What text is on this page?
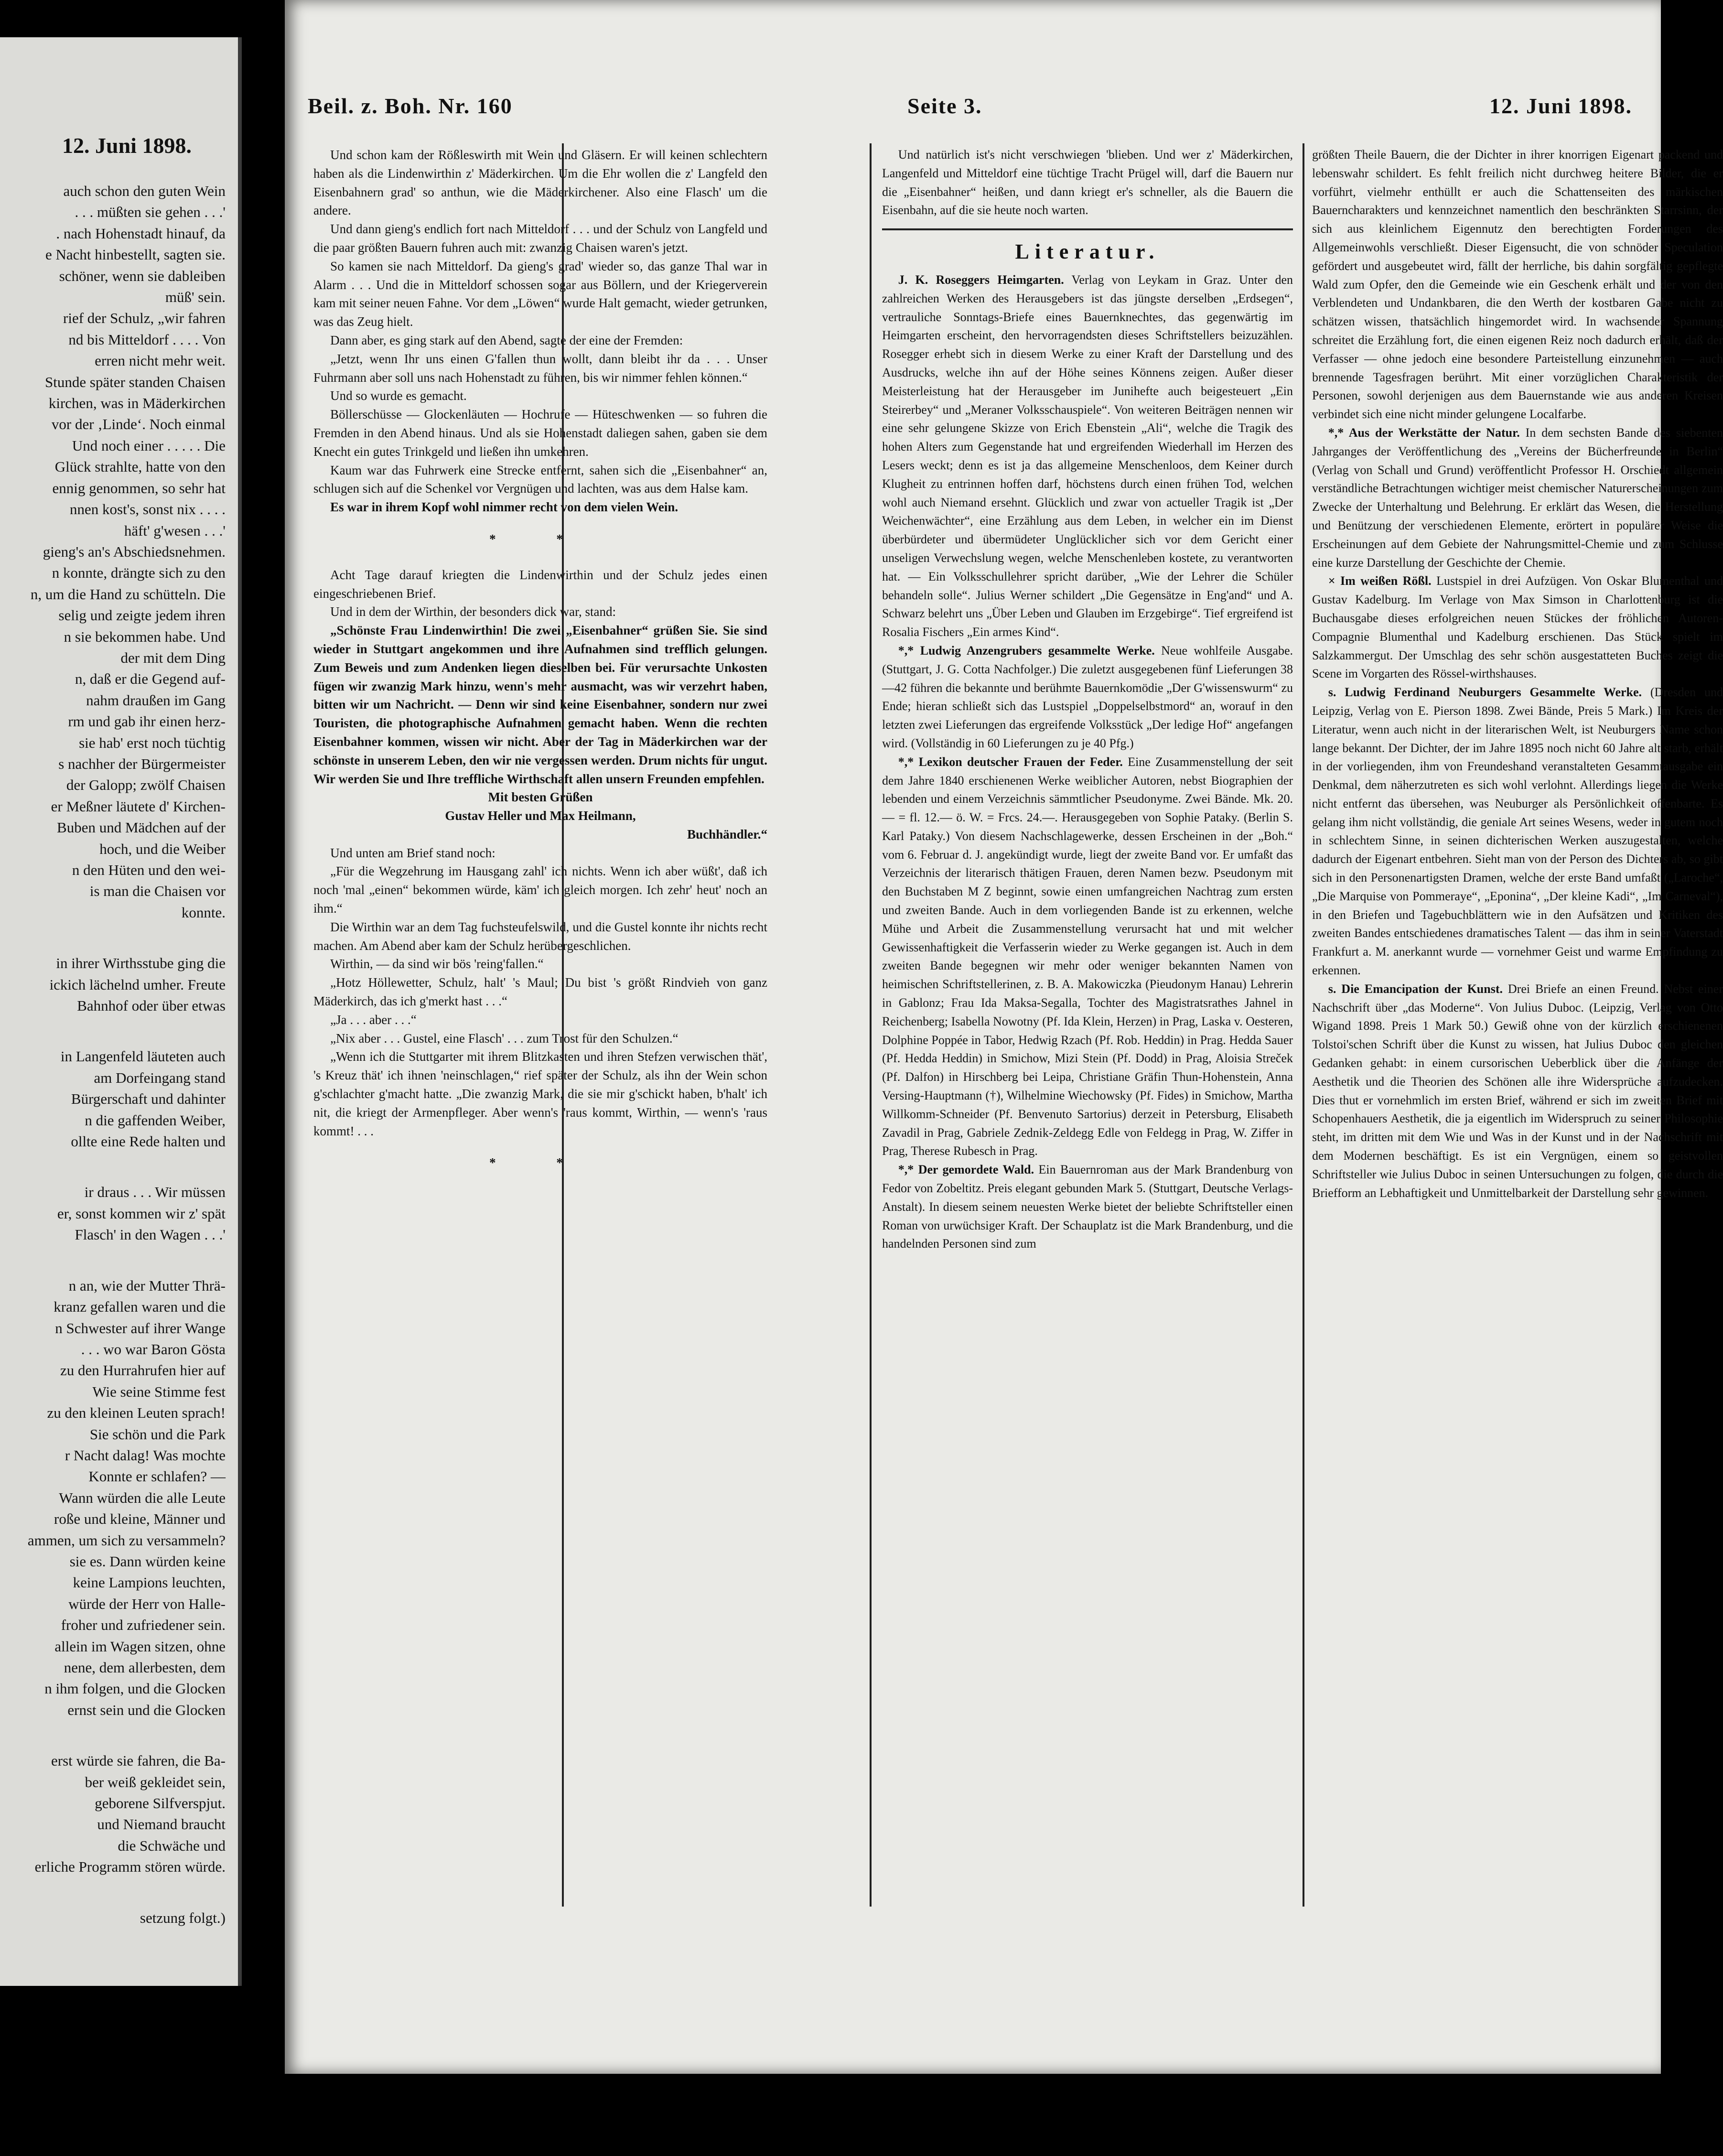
12. Juni 1898.
auch schon den guten Wein
. . . müßten sie gehen . . .'
. nach Hohenstadt hinauf, da
e Nacht hinbestellt, sagten sie.
schöner, wenn sie dableiben
müß' sein.
rief der Schulz, „wir fahren
nd bis Mitteldorf . . . . Von
erren nicht mehr weit.
Stunde später standen Chaisen
kirchen, was in Mäderkirchen
vor der ‚Linde‘. Noch einmal
Und noch einer . . . . . Die
Glück strahlte, hatte von den
ennig genommen, so sehr hat
nnen kost's, sonst nix . . . .
häft' g'wesen . . .'
gieng's an's Abschiedsnehmen.
n konnte, drängte sich zu den
n, um die Hand zu schütteln. Die
selig und zeigte jedem ihren
n sie bekommen habe. Und
der mit dem Ding
n, daß er die Gegend auf-
nahm draußen im Gang
rm und gab ihr einen herz-
sie hab' erst noch tüchtig
s nachher der Bürgermeister
der Galopp; zwölf Chaisen
er Meßner läutete d' Kirchen-
Buben und Mädchen auf der
hoch, und die Weiber
n den Hüten und den wei-
is man die Chaisen vor
konnte.
in ihrer Wirthsstube ging die
ickich lächelnd umher. Freute
Bahnhof oder über etwas
in Langenfeld läuteten auch
am Dorfeingang stand
Bürgerschaft und dahinter
n die gaffenden Weiber,
ollte eine Rede halten und
ir draus . . . Wir müssen
er, sonst kommen wir z' spät
Flasch' in den Wagen . . .'
n an, wie der Mutter Thrä-
kranz gefallen waren und die
n Schwester auf ihrer Wange
. . . wo war Baron Gösta
zu den Hurrahrufen hier auf
Wie seine Stimme fest
zu den kleinen Leuten sprach!
Sie schön und die Park
r Nacht dalag! Was mochte
Konnte er schlafen? —
Wann würden die alle Leute
roße und kleine, Männer und
ammen, um sich zu versammeln?
sie es. Dann würden keine
keine Lampions leuchten,
würde der Herr von Halle-
froher und zufriedener sein.
allein im Wagen sitzen, ohne
nene, dem allerbesten, dem
n ihm folgen, und die Glocken
ernst sein und die Glocken
erst würde sie fahren, die Ba-
ber weiß gekleidet sein,
geborene Silfverspjut.
und Niemand braucht
die Schwäche und
erliche Programm stören würde.
setzung folgt.)
Beil. z. Boh. Nr. 160	Seite 3.	12. Juni 1898.

Und schon kam der Rößleswirth mit Wein und Gläsern. Er will keinen schlechtern haben als die Lindenwirthin z' Mäderkirchen. Um die Ehr wollen die z' Langfeld den Eisenbahnern grad' so anthun, wie die Mäderkirchener. Also eine Flasch' um die andere.

Und dann gieng's endlich fort nach Mitteldorf . . . und der Schulz von Langfeld und die paar größten Bauern fuhren auch mit: zwanzig Chaisen waren's jetzt.

So kamen sie nach Mitteldorf. Da gieng's grad' wieder so, das ganze Thal war in Alarm . . . Und die in Mitteldorf schossen sogar aus Böllern, und der Kriegerverein kam mit seiner neuen Fahne. Vor dem „Löwen“ wurde Halt gemacht, wieder getrunken, was das Zeug hielt.

Dann aber, es ging stark auf den Abend, sagte der eine der Fremden:

„Jetzt, wenn Ihr uns einen G'fallen thun wollt, dann bleibt ihr da . . . Unser Fuhrmann aber soll uns nach Hohenstadt zu führen, bis wir nimmer fehlen können.“

Und so wurde es gemacht.

Böllerschüsse — Glockenläuten — Hochrufe — Hüteschwenken — so fuhren die Fremden in den Abend hinaus. Und als sie Hohenstadt daliegen sahen, gaben sie dem Knecht ein gutes Trinkgeld und ließen ihn umkehren.

Kaum war das Fuhrwerk eine Strecke entfernt, sahen sich die „Eisenbahner“ an, schlugen sich auf die Schenkel vor Vergnügen und lachten, was aus dem Halse kam.

Es war in ihrem Kopf wohl nimmer recht von dem vielen Wein.

* *

Acht Tage darauf kriegten die Lindenwirthin und der Schulz jedes einen eingeschriebenen Brief.

Und in dem der Wirthin, der besonders dick war, stand:

„Schönste Frau Lindenwirthin! Die zwei „Eisenbahner“ grüßen Sie. Sie sind wieder in Stuttgart angekommen und ihre Aufnahmen sind trefflich gelungen. Zum Beweis und zum Andenken liegen dieselben bei. Für verursachte Unkosten fügen wir zwanzig Mark hinzu, wenn's mehr ausmacht, was wir verzehrt haben, bitten wir um Nachricht. — Denn wir sind keine Eisenbahner, sondern nur zwei Touristen, die photographische Aufnahmen gemacht haben. Wenn die rechten Eisenbahner kommen, wissen wir nicht. Aber der Tag in Mäderkirchen war der schönste in unserem Leben, den wir nie vergessen werden. Drum nichts für ungut. Wir werden Sie und Ihre treffliche Wirthschaft allen unsern Freunden empfehlen.

Mit besten Grüßen

Gustav Heller und Max Heilmann,

Buchhändler.“

Und unten am Brief stand noch:

„Für die Wegzehrung im Hausgang zahl' ich nichts. Wenn ich aber wüßt', daß ich noch 'mal „einen“ bekommen würde, käm' ich gleich morgen. Ich zehr' heut' noch an ihm.“

Die Wirthin war an dem Tag fuchsteufelswild, und die Gustel konnte ihr nichts recht machen. Am Abend aber kam der Schulz herübergeschlichen.

Wirthin, — da sind wir bös 'reing'fallen.“

„Hotz Höllewetter, Schulz, halt' 's Maul; Du bist 's größt Rindvieh von ganz Mäderkirch, das ich g'merkt hast . . .“

„Ja . . . aber . . .“

„Nix aber . . . Gustel, eine Flasch' . . . zum Trost für den Schulzen.“

„Wenn ich die Stuttgarter mit ihrem Blitzkasten und ihren Stefzen verwischen thät', 's Kreuz thät' ich ihnen 'neinschlagen,“ rief später der Schulz, als ihn der Wein schon g'schlachter g'macht hatte. „Die zwanzig Mark, die sie mir g'schickt haben, b'halt' ich nit, die kriegt der Armenpfleger. Aber wenn's 'raus kommt, Wirthin, — wenn's 'raus kommt! . . .

* *

Und natürlich ist's nicht verschwiegen 'blieben. Und wer z' Mäderkirchen, Langenfeld und Mitteldorf eine tüchtige Tracht Prügel will, darf die Bauern nur die „Eisenbahner“ heißen, und dann kriegt er's schneller, als die Bauern die Eisenbahn, auf die sie heute noch warten.

Literatur.

J. K. Roseggers Heimgarten. Verlag von Leykam in Graz. Unter den zahlreichen Werken des Herausgebers ist das jüngste derselben „Erdsegen“, vertrauliche Sonntags-Briefe eines Bauernknechtes, das gegenwärtig im Heimgarten erscheint, den hervorragendsten dieses Schriftstellers beizuzählen. Rosegger erhebt sich in diesem Werke zu einer Kraft der Darstellung und des Ausdrucks, welche ihn auf der Höhe seines Könnens zeigen. Außer dieser Meisterleistung hat der Herausgeber im Junihefte auch beigesteuert „Ein Steirerbey“ und „Meraner Volksschauspiele“. Von weiteren Beiträgen nennen wir eine sehr gelungene Skizze von Erich Ebenstein „Ali“, welche die Tragik des hohen Alters zum Gegenstande hat und ergreifenden Wiederhall im Herzen des Lesers weckt; denn es ist ja das allgemeine Menschenloos, dem Keiner durch Klugheit zu entrinnen hoffen darf, höchstens durch einen frühen Tod, welchen wohl auch Niemand ersehnt. Glücklich und zwar von actueller Tragik ist „Der Weichenwächter“, eine Erzählung aus dem Leben, in welcher ein im Dienst überbürdeter und übermüdeter Unglücklicher sich vor dem Gericht einer unseligen Verwechslung wegen, welche Menschenleben kostete, zu verantworten hat. — Ein Volksschullehrer spricht darüber, „Wie der Lehrer die Schüler behandeln solle“. Julius Werner schildert „Die Gegensätze in Eng'and“ und A. Schwarz belehrt uns „Über Leben und Glauben im Erzgebirge“. Tief ergreifend ist Rosalia Fischers „Ein armes Kind“.

*,* Ludwig Anzengrubers gesammelte Werke. Neue wohlfeile Ausgabe. (Stuttgart, J. G. Cotta Nachfolger.) Die zuletzt ausgegebenen fünf Lieferungen 38—42 führen die bekannte und berühmte Bauernkomödie „Der G'wissenswurm“ zu Ende; hieran schließt sich das Lustspiel „Doppelselbstmord“ an, worauf in den letzten zwei Lieferungen das ergreifende Volksstück „Der ledige Hof“ angefangen wird. (Vollständig in 60 Lieferungen zu je 40 Pfg.)

*,* Lexikon deutscher Frauen der Feder. Eine Zusammenstellung der seit dem Jahre 1840 erschienenen Werke weiblicher Autoren, nebst Biographien der lebenden und einem Verzeichnis sämmtlicher Pseudonyme. Zwei Bände. Mk. 20.— = fl. 12.— ö. W. = Frcs. 24.—. Herausgegeben von Sophie Pataky. (Berlin S. Karl Pataky.) Von diesem Nachschlagewerke, dessen Erscheinen in der „Boh.“ vom 6. Februar d. J. angekündigt wurde, liegt der zweite Band vor. Er umfaßt das Verzeichnis der literarisch thätigen Frauen, deren Namen bezw. Pseudonym mit den Buchstaben M Z beginnt, sowie einen umfangreichen Nachtrag zum ersten und zweiten Bande. Auch in dem vorliegenden Bande ist zu erkennen, welche Mühe und Arbeit die Zusammenstellung verursacht hat und mit welcher Gewissenhaftigkeit die Verfasserin wieder zu Werke gegangen ist. Auch in dem zweiten Bande begegnen wir mehr oder weniger bekannten Namen von heimischen Schriftstellerinen, z. B. A. Makowiczka (Pieudonym Hanau) Lehrerin in Gablonz; Frau Ida Maksa-Segalla, Tochter des Magistratsrathes Jahnel in Reichenberg; Isabella Nowotny (Pf. Ida Klein, Herzen) in Prag, Laska v. Oesteren, Dolphine Poppée in Tabor, Hedwig Rzach (Pf. Rob. Heddin) in Prag. Hedda Sauer (Pf. Hedda Heddin) in Smichow, Mizi Stein (Pf. Dodd) in Prag, Aloisia Streček (Pf. Dalfon) in Hirschberg bei Leipa, Christiane Gräfin Thun-Hohenstein, Anna Versing-Hauptmann (†), Wilhelmine Wiechowsky (Pf. Fides) in Smichow, Martha Willkomm-Schneider (Pf. Benvenuto Sartorius) derzeit in Petersburg, Elisabeth Zavadil in Prag, Gabriele Zednik-Zeldegg Edle von Feldegg in Prag, W. Ziffer in Prag, Therese Rubesch in Prag.

*,* Der gemordete Wald. Ein Bauernroman aus der Mark Brandenburg von Fedor von Zobeltitz. Preis elegant gebunden Mark 5. (Stuttgart, Deutsche Verlags-Anstalt). In diesem seinem neuesten Werke bietet der beliebte Schriftsteller einen Roman von urwüchsiger Kraft. Der Schauplatz ist die Mark Brandenburg, und die handelnden Personen sind zum

größten Theile Bauern, die der Dichter in ihrer knorrigen Eigenart packend und lebenswahr schildert. Es fehlt freilich nicht durchweg heitere Bilder, die er vorführt, vielmehr enthüllt er auch die Schattenseiten des märkischen Bauerncharakters und kennzeichnet namentlich den beschränkten Starrsinn, der sich aus kleinlichem Eigennutz den berechtigten Forderungen des Allgemeinwohls verschließt. Dieser Eigensucht, die von schnöder Speculation gefördert und ausgebeutet wird, fällt der herrliche, bis dahin sorgfältig gepflegte Wald zum Opfer, den die Gemeinde wie ein Geschenk erhält und der von den Verblendeten und Undankbaren, die den Werth der kostbaren Gabe nicht zu schätzen wissen, thatsächlich hingemordet wird. In wachsender Spannung schreitet die Erzählung fort, die einen eigenen Reiz noch dadurch erhält, daß der Verfasser — ohne jedoch eine besondere Parteistellung einzunehmen — auch brennende Tagesfragen berührt. Mit einer vorzüglichen Charakteristik der Personen, sowohl derjenigen aus dem Bauernstande wie aus anderen Kreisen verbindet sich eine nicht minder gelungene Localfarbe.

*,* Aus der Werkstätte der Natur. In dem sechsten Bande des siebenten Jahrganges der Veröffentlichung des „Vereins der Bücherfreunde in Berlin“ (Verlag von Schall und Grund) veröffentlicht Professor H. Orschiedt allgemein verständliche Betrachtungen wichtiger meist chemischer Naturerscheinungen zum Zwecke der Unterhaltung und Belehrung. Er erklärt das Wesen, die Herstellung und Benützung der verschiedenen Elemente, erörtert in populärer Weise die Erscheinungen auf dem Gebiete der Nahrungsmittel-Chemie und zum Schlusse eine kurze Darstellung der Geschichte der Chemie.

× Im weißen Rößl. Lustspiel in drei Aufzügen. Von Oskar Blumenthal und Gustav Kadelburg. Im Verlage von Max Simson in Charlottenburg ist die Buchausgabe dieses erfolgreichen neuen Stückes der fröhlichen Autoren-Compagnie Blumenthal und Kadelburg erschienen. Das Stück spielt im Salzkammergut. Der Umschlag des sehr schön ausgestatteten Buches zeigt die Scene im Vorgarten des Rössel-wirthshauses.

s. Ludwig Ferdinand Neuburgers Gesammelte Werke. (Dresden und Leipzig, Verlag von E. Pierson 1898. Zwei Bände, Preis 5 Mark.) Im Kreis der Literatur, wenn auch nicht in der literarischen Welt, ist Neuburgers Name schon lange bekannt. Der Dichter, der im Jahre 1895 noch nicht 60 Jahre alt starb, erhält in der vorliegenden, ihm von Freundeshand veranstalteten Gesammtausgabe ein Denkmal, dem näherzutreten es sich wohl verlohnt. Allerdings liegen die Werke nicht entfernt das übersehen, was Neuburger als Persönlichkeit offenbarte. Es gelang ihm nicht vollständig, die geniale Art seines Wesens, weder in gutem noch in schlechtem Sinne, in seinen dichterischen Werken auszugestalten, welche dadurch der Eigenart entbehren. Sieht man von der Person des Dichters ab, so gibt sich in den Personenartigsten Dramen, welche der erste Band umfaßt („Laroche“, „Die Marquise von Pommeraye“, „Eponina“, „Der kleine Kadi“, „Im Carneval“), in den Briefen und Tagebuchblättern wie in den Aufsätzen und Kritiken des zweiten Bandes entschiedenes dramatisches Talent — das ihm in seiner Vaterstadt Frankfurt a. M. anerkannt wurde — vornehmer Geist und warme Empfindung zu erkennen.

s. Die Emancipation der Kunst. Drei Briefe an einen Freund. Nebst einer Nachschrift über „das Moderne“. Von Julius Duboc. (Leipzig, Verlag von Otto Wigand 1898. Preis 1 Mark 50.) Gewiß ohne von der kürzlich erschienenen Tolstoi'schen Schrift über die Kunst zu wissen, hat Julius Duboc den gleichen Gedanken gehabt: in einem cursorischen Ueberblick über die Anfänge der Aesthetik und die Theorien des Schönen alle ihre Widersprüche aufzudecken. Dies thut er vornehmlich im ersten Brief, während er sich im zweiten Brief mit Schopenhauers Aesthetik, die ja eigentlich im Widerspruch zu seiner Philosophie steht, im dritten mit dem Wie und Was in der Kunst und in der Nachschrift mit dem Modernen beschäftigt. Es ist ein Vergnügen, einem so geistvollen Schriftsteller wie Julius Duboc in seinen Untersuchungen zu folgen, die durch die Briefform an Lebhaftigkeit und Unmittelbarkeit der Darstellung sehr gewinnen.
